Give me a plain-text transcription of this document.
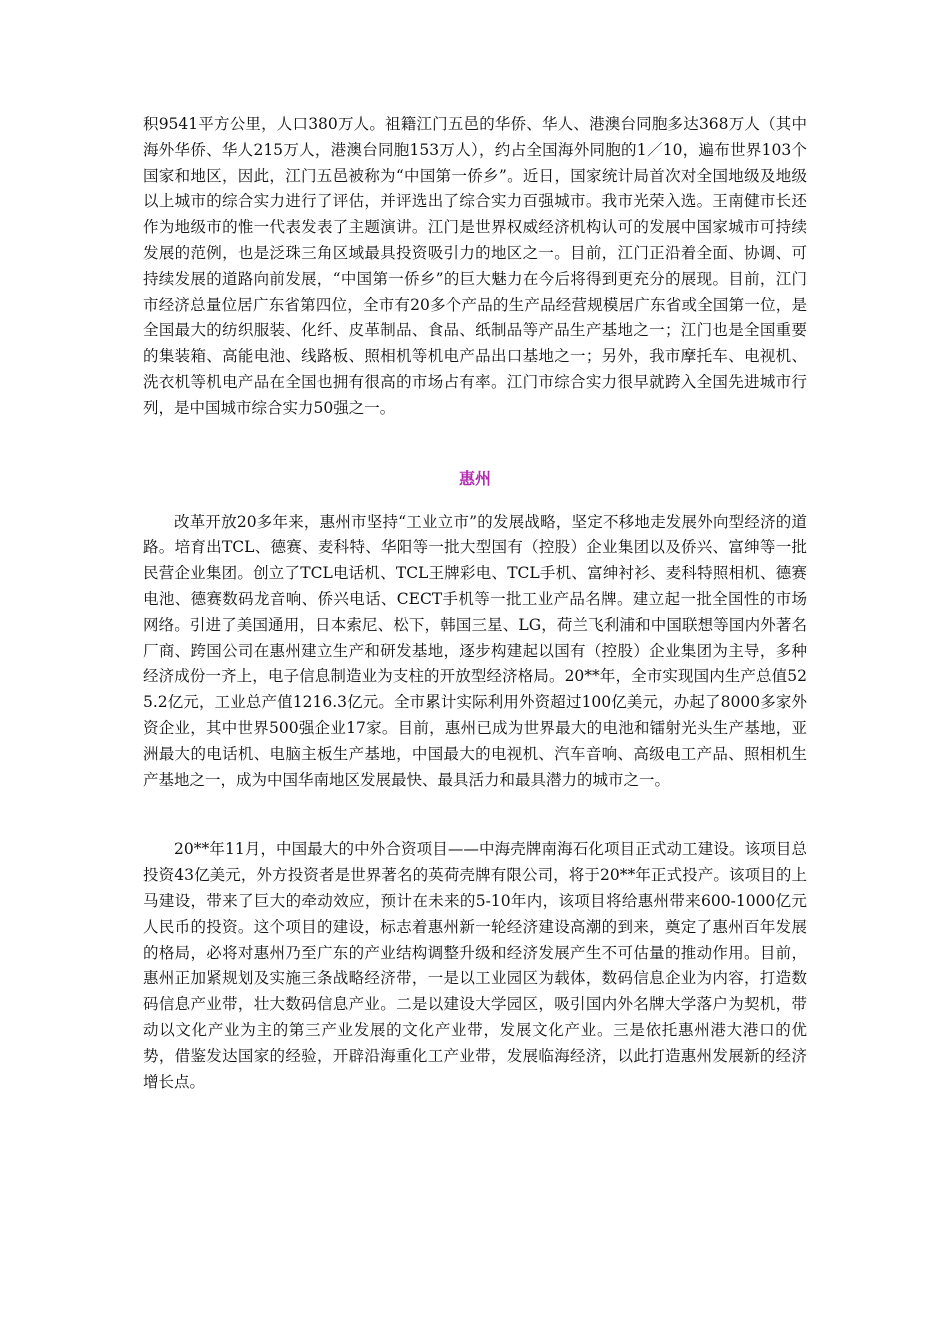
积9541平方公里，人口380万人。祖籍江门五邑的华侨、华人、港澳台同胞多达368万人（其中海外华侨、华人215万人，港澳台同胞153万人），约占全国海外同胞的1／10，遍布世界103个国家和地区，因此，江门五邑被称为“中国第一侨乡”。近日，国家统计局首次对全国地级及地级以上城市的综合实力进行了评估，并评选出了综合实力百强城市。我市光荣入选。王南健市长还作为地级市的惟一代表发表了主题演讲。江门是世界权威经济机构认可的发展中国家城市可持续发展的范例，也是泛珠三角区域最具投资吸引力的地区之一。目前，江门正沿着全面、协调、可持续发展的道路向前发展，“中国第一侨乡”的巨大魅力在今后将得到更充分的展现。目前，江门市经济总量位居广东省第四位，全市有20多个产品的生产品经营规模居广东省或全国第一位，是全国最大的纺织服装、化纤、皮革制品、食品、纸制品等产品生产基地之一；江门也是全国重要的集装箱、高能电池、线路板、照相机等机电产品出口基地之一；另外，我市摩托车、电视机、洗衣机等机电产品在全国也拥有很高的市场占有率。江门市综合实力很早就跨入全国先进城市行列，是中国城市综合实力50强之一。

惠州

改革开放20多年来，惠州市坚持“工业立市”的发展战略，坚定不移地走发展外向型经济的道路。培育出TCL、德赛、麦科特、华阳等一批大型国有（控股）企业集团以及侨兴、富绅等一批民营企业集团。创立了TCL电话机、TCL王牌彩电、TCL手机、富绅衬衫、麦科特照相机、德赛电池、德赛数码龙音响、侨兴电话、CECT手机等一批工业产品名牌。建立起一批全国性的市场网络。引进了美国通用，日本索尼、松下，韩国三星、LG，荷兰飞利浦和中国联想等国内外著名厂商、跨国公司在惠州建立生产和研发基地，逐步构建起以国有（控股）企业集团为主导，多种经济成份一齐上，电子信息制造业为支柱的开放型经济格局。20**年，全市实现国内生产总值525.2亿元，工业总产值1216.3亿元。全市累计实际利用外资超过100亿美元，办起了8000多家外资企业，其中世界500强企业17家。目前，惠州已成为世界最大的电池和镭射光头生产基地，亚洲最大的电话机、电脑主板生产基地，中国最大的电视机、汽车音响、高级电工产品、照相机生产基地之一，成为中国华南地区发展最快、最具活力和最具潜力的城市之一。

20**年11月，中国最大的中外合资项目——中海壳牌南海石化项目正式动工建设。该项目总投资43亿美元，外方投资者是世界著名的英荷壳牌有限公司，将于20**年正式投产。该项目的上马建设，带来了巨大的牵动效应，预计在未来的5-10年内，该项目将给惠州带来600-1000亿元人民币的投资。这个项目的建设，标志着惠州新一轮经济建设高潮的到来，奠定了惠州百年发展的格局，必将对惠州乃至广东的产业结构调整升级和经济发展产生不可估量的推动作用。目前，惠州正加紧规划及实施三条战略经济带，一是以工业园区为载体，数码信息企业为内容，打造数码信息产业带，壮大数码信息产业。二是以建设大学园区，吸引国内外名牌大学落户为契机，带动以文化产业为主的第三产业发展的文化产业带，发展文化产业。三是依托惠州港大港口的优势，借鉴发达国家的经验，开辟沿海重化工产业带，发展临海经济，以此打造惠州发展新的经济增长点。
